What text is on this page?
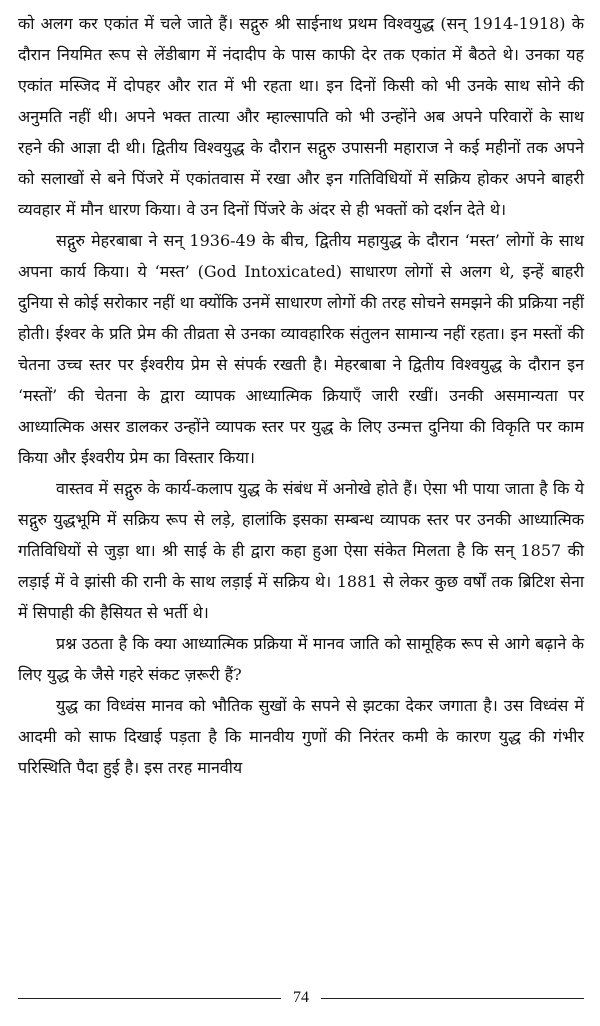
को अलग कर एकांत में चले जाते हैं। सद्गुरु श्री साईनाथ प्रथम विश्वयुद्ध (सन् 1914-1918) के दौरान नियमित रूप से लेंडीबाग में नंदादीप के पास काफी देर तक एकांत में बैठते थे। उनका यह एकांत मस्जिद में दोपहर और रात में भी रहता था। इन दिनों किसी को भी उनके साथ सोने की अनुमति नहीं थी। अपने भक्त तात्या और म्हाल्सापति को भी उन्होंने अब अपने परिवारों के साथ रहने की आज्ञा दी थी। द्वितीय विश्वयुद्ध के दौरान सद्गुरु उपासनी महाराज ने कई महीनों तक अपने को सलाखों से बने पिंजरे में एकांतवास में रखा और इन गतिविधियों में सक्रिय होकर अपने बाहरी व्यवहार में मौन धारण किया। वे उन दिनों पिंजरे के अंदर से ही भक्तों को दर्शन देते थे।

सद्गुरु मेहरबाबा ने सन् 1936-49 के बीच, द्वितीय महायुद्ध के दौरान ‘मस्त’ लोगों के साथ अपना कार्य किया। ये ‘मस्त’ (God Intoxicated) साधारण लोगों से अलग थे, इन्हें बाहरी दुनिया से कोई सरोकार नहीं था क्योंकि उनमें साधारण लोगों की तरह सोचने समझने की प्रक्रिया नहीं होती। ईश्वर के प्रति प्रेम की तीव्रता से उनका व्यावहारिक संतुलन सामान्य नहीं रहता। इन मस्तों की चेतना उच्च स्तर पर ईश्वरीय प्रेम से संपर्क रखती है। मेहरबाबा ने द्वितीय विश्वयुद्ध के दौरान इन ‘मस्तों’ की चेतना के द्वारा व्यापक आध्यात्मिक क्रियाएँ जारी रखीं। उनकी असमान्यता पर आध्यात्मिक असर डालकर उन्होंने व्यापक स्तर पर युद्ध के लिए उन्मत्त दुनिया की विकृति पर काम किया और ईश्वरीय प्रेम का विस्तार किया।

वास्तव में सद्गुरु के कार्य-कलाप युद्ध के संबंध में अनोखे होते हैं। ऐसा भी पाया जाता है कि ये सद्गुरु युद्धभूमि में सक्रिय रूप से लड़े, हालांकि इसका सम्बन्ध व्यापक स्तर पर उनकी आध्यात्मिक गतिविधियों से जुड़ा था। श्री साई के ही द्वारा कहा हुआ ऐसा संकेत मिलता है कि सन् 1857 की लड़ाई में वे झांसी की रानी के साथ लड़ाई में सक्रिय थे। 1881 से लेकर कुछ वर्षों तक ब्रिटिश सेना में सिपाही की हैसियत से भर्ती थे।

प्रश्न उठता है कि क्या आध्यात्मिक प्रक्रिया में मानव जाति को सामूहिक रूप से आगे बढ़ाने के लिए युद्ध के जैसे गहरे संकट ज़रूरी हैं?

युद्ध का विध्वंस मानव को भौतिक सुखों के सपने से झटका देकर जगाता है। उस विध्वंस में आदमी को साफ दिखाई पड़ता है कि मानवीय गुणों की निरंतर कमी के कारण युद्ध की गंभीर परिस्थिति पैदा हुई है। इस तरह मानवीय

74
